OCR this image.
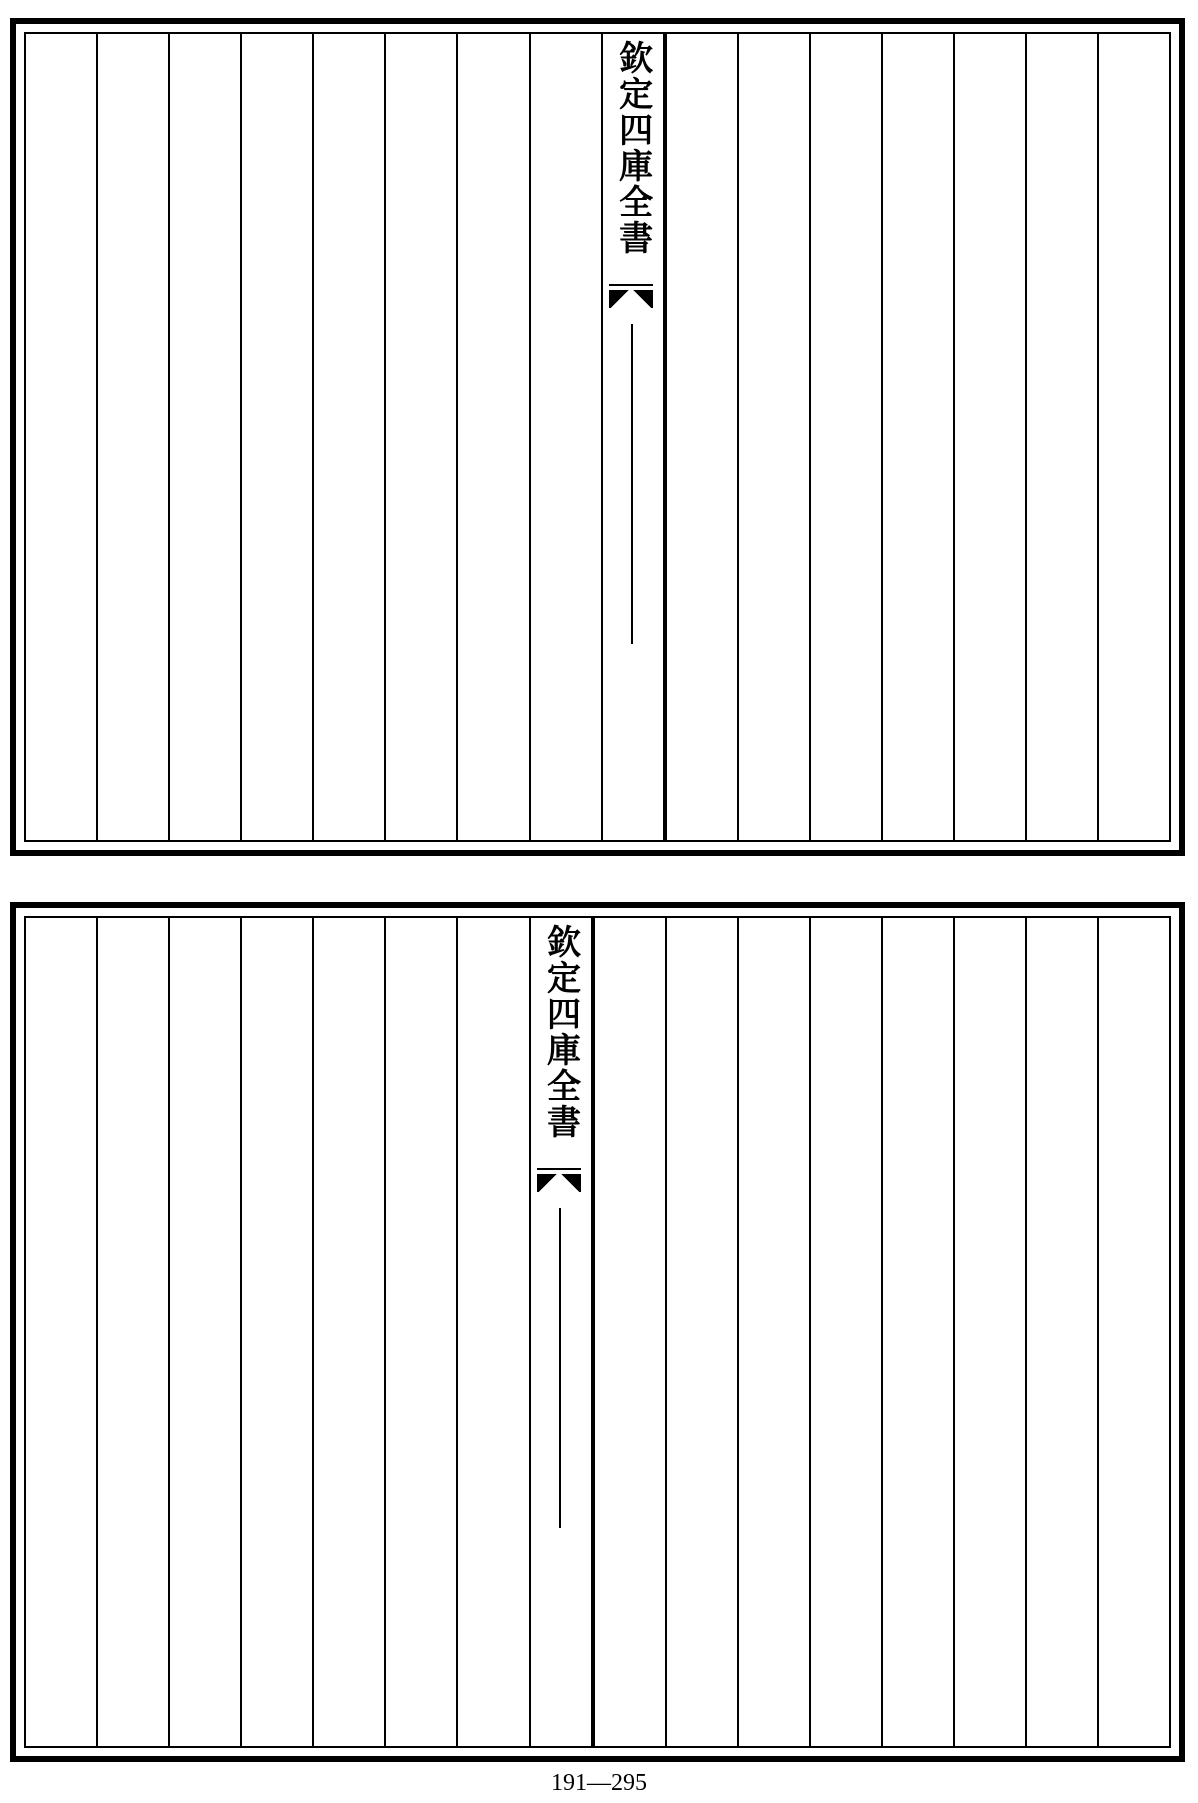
欽定四庫全書
欽定四庫全書
191—295
